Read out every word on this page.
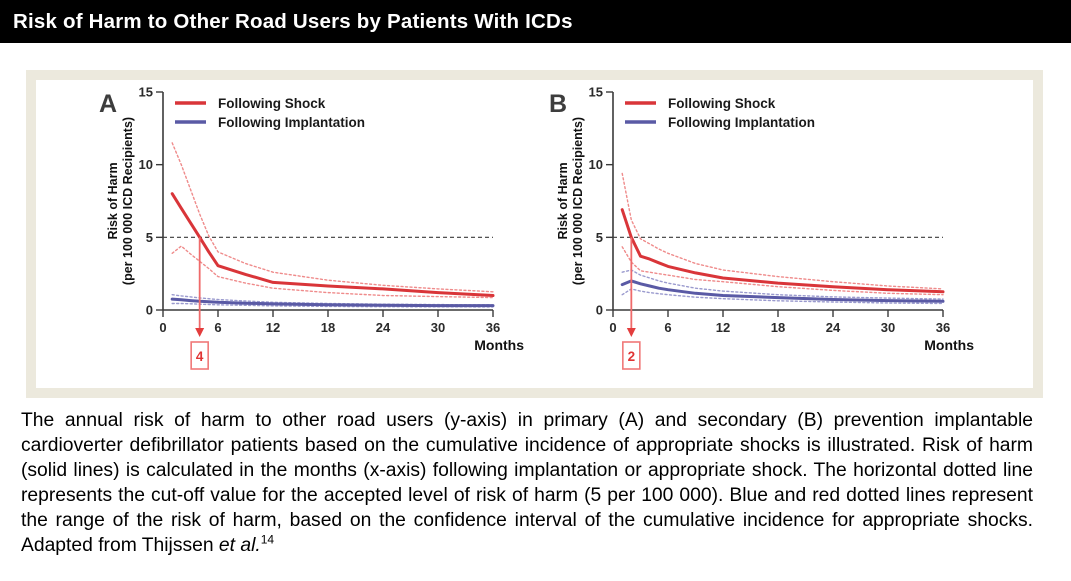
Risk of Harm to Other Road Users by Patients With ICDs
0
5
10
15
0	6	12	18	24	30	36
4
Following Shock
Following Implantation
A
Risk of Harm (per 100 000 ICD Recipients)
Months
0
5
10
15
0	6	12	18	24	30	36
2
Following Shock
Following Implantation
B
Risk of Harm (per 100 000 ICD Recipients)
Months

The annual risk of harm to other road users (y-axis) in primary (A) and secondary (B) prevention implantable cardioverter defibrillator patients based on the cumulative incidence of appropriate shocks is illustrated. Risk of harm (solid lines) is calculated in the months (x-axis) following implantation or appropriate shock. The horizontal dotted line represents the cut-off value for the accepted level of risk of harm (5 per 100 000). Blue and red dotted lines represent the range of the risk of harm, based on the confidence interval of the cumulative incidence for appropriate shocks. Adapted from Thijssen et al.$^{14}$
